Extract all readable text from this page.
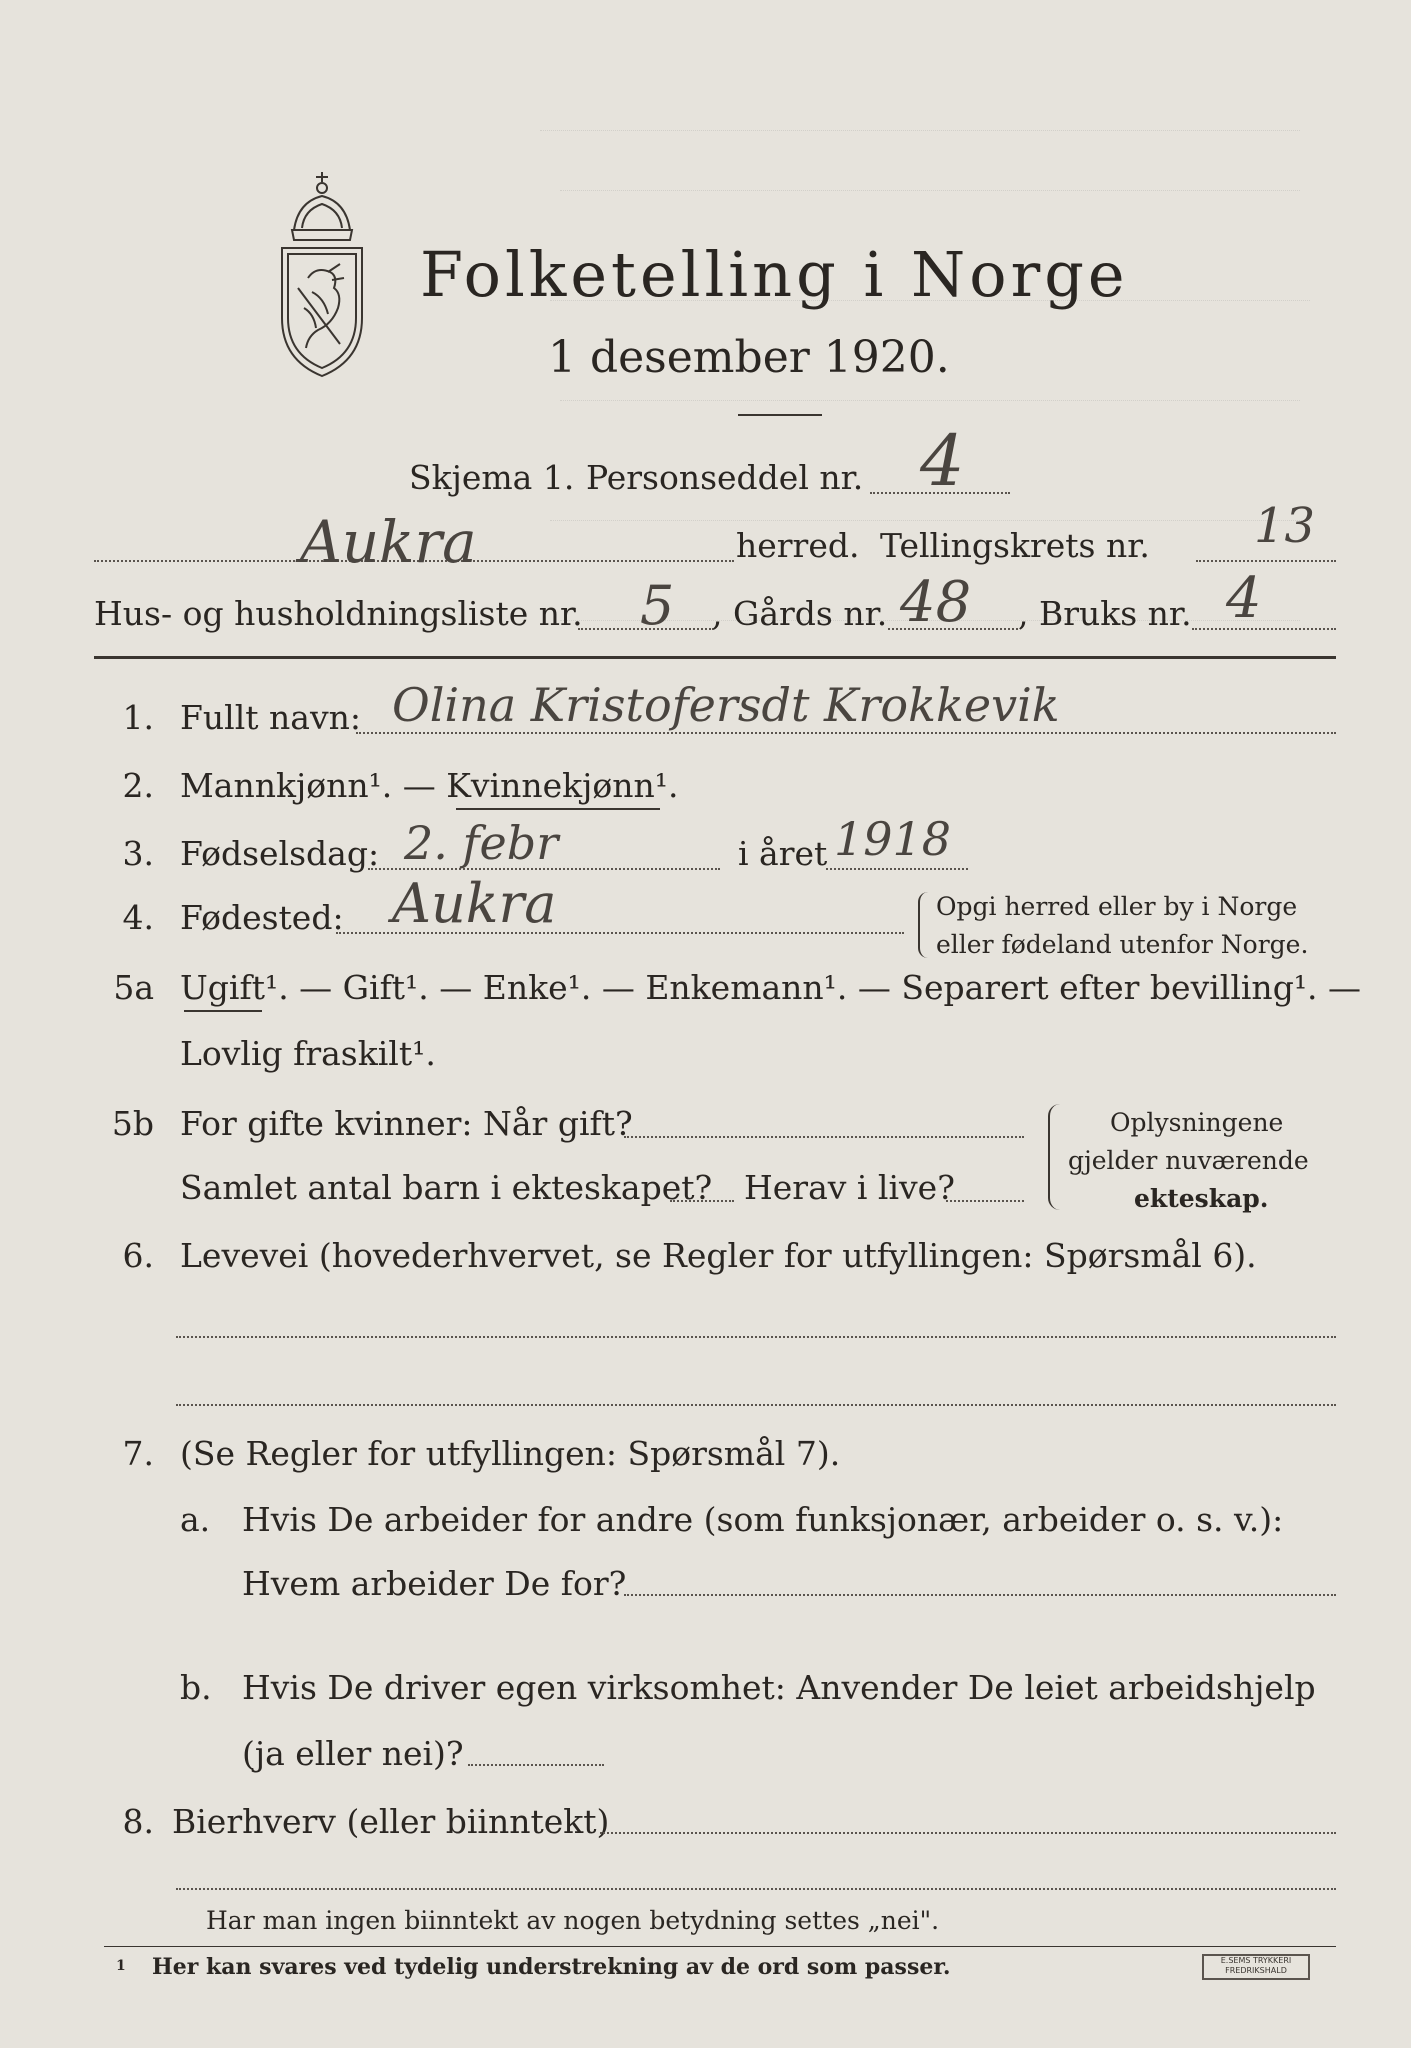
Folketelling i Norge
1 desember 1920.
Skjema 1. Personseddel nr. 4
Aukra	herred. Tellingskrets nr. 13
Hus- og husholdningsliste nr. 5 , Gårds nr. 48 , Bruks nr. 4
1. Fullt navn: Olina Kristofersdt Krokkevik
2. Mannkjønn¹. — Kvinnekjønn¹.
3. Fødselsdag: 2. febr	i året 1918
4. Fødested: Aukra	Opgi herred eller by i Norge
eller fødeland utenfor Norge.
5a Ugift¹. — Gift¹. — Enke¹. — Enkemann¹. — Separert efter bevilling¹. —
Lovlig fraskilt¹.
5b For gifte kvinner: Når gift?
Samlet antal barn i ekteskapet? Herav i live?
Oplysningene
gjelder nuværende
ekteskap.
6. Levevei (hovederhvervet, se Regler for utfyllingen: Spørsmål 6).
7. (Se Regler for utfyllingen: Spørsmål 7).
a. Hvis De arbeider for andre (som funksjonær, arbeider o. s. v.):
Hvem arbeider De for?
b. Hvis De driver egen virksomhet: Anvender De leiet arbeidshjelp
(ja eller nei)?
8. Bierhverv (eller biinntekt)
Har man ingen biinntekt av nogen betydning settes „nei".
1 Her kan svares ved tydelig understrekning av de ord som passer.	E.SEMS TRYKKERI FREDRIKSHALD
